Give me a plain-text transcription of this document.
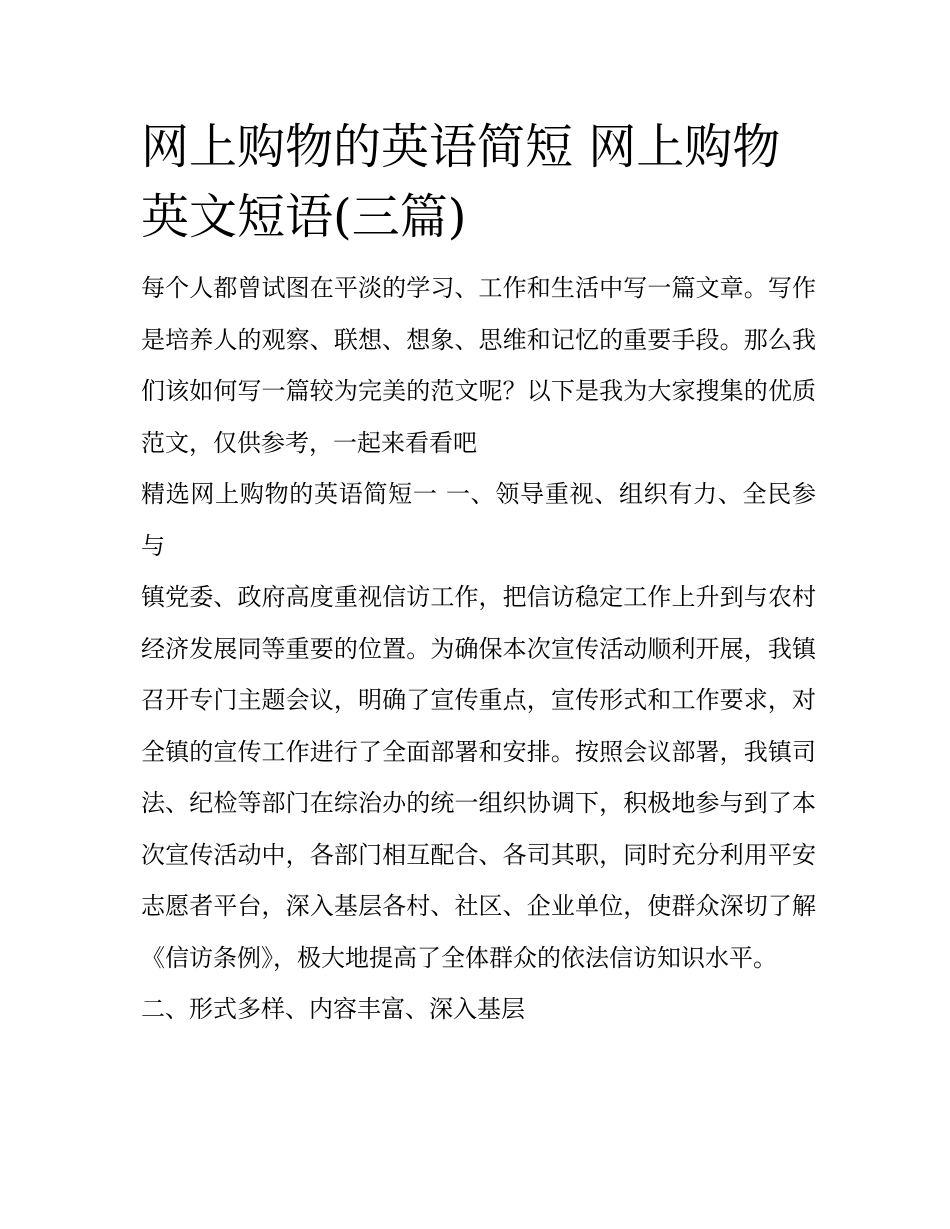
网上购物的英语简短 网上购物英文短语(三篇)

每个人都曾试图在平淡的学习、工作和生活中写一篇文章。写作是培养人的观察、联想、想象、思维和记忆的重要手段。那么我们该如何写一篇较为完美的范文呢？以下是我为大家搜集的优质范文，仅供参考，一起来看看吧

精选网上购物的英语简短一 一、领导重视、组织有力、全民参与

镇党委、政府高度重视信访工作，把信访稳定工作上升到与农村经济发展同等重要的位置。为确保本次宣传活动顺利开展，我镇召开专门主题会议，明确了宣传重点，宣传形式和工作要求，对全镇的宣传工作进行了全面部署和安排。按照会议部署，我镇司法、纪检等部门在综治办的统一组织协调下，积极地参与到了本次宣传活动中，各部门相互配合、各司其职，同时充分利用平安志愿者平台，深入基层各村、社区、企业单位，使群众深切了解《信访条例》，极大地提高了全体群众的依法信访知识水平。

二、形式多样、内容丰富、深入基层
